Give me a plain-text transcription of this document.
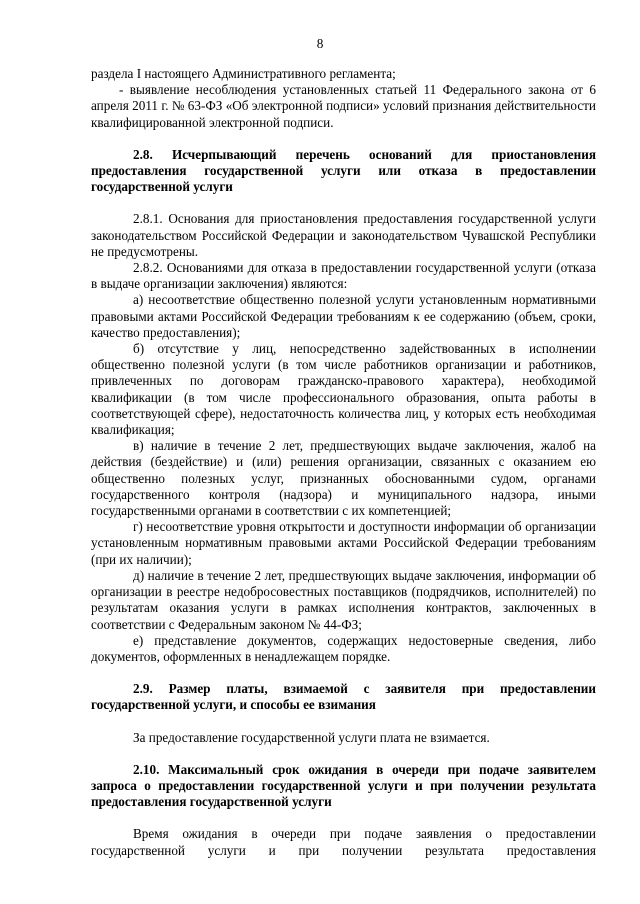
8

раздела I настоящего Административного регламента;

- выявление несоблюдения установленных статьей 11 Федерального закона от 6 апреля 2011 г. № 63-ФЗ «Об электронной подписи» условий признания действительности квалифицированной электронной подписи.

2.8. Исчерпывающий перечень оснований для приостановления предоставления государственной услуги или отказа в предоставлении государственной услуги

2.8.1. Основания для приостановления предоставления государственной услуги законодательством Российской Федерации и законодательством Чувашской Республики не предусмотрены.

2.8.2. Основаниями для отказа в предоставлении государственной услуги (отказа в выдаче организации заключения) являются:

а) несоответствие общественно полезной услуги установленным нормативными правовыми актами Российской Федерации требованиям к ее содержанию (объем, сроки, качество предоставления);

б) отсутствие у лиц, непосредственно задействованных в исполнении общественно полезной услуги (в том числе работников организации и работников, привлеченных по договорам гражданско-правового характера), необходимой квалификации (в том числе профессионального образования, опыта работы в соответствующей сфере), недостаточность количества лиц, у которых есть необходимая квалификация;

в) наличие в течение 2 лет, предшествующих выдаче заключения, жалоб на действия (бездействие) и (или) решения организации, связанных с оказанием ею общественно полезных услуг, признанных обоснованными судом, органами государственного контроля (надзора) и муниципального надзора, иными государственными органами в соответствии с их компетенцией;

г) несоответствие уровня открытости и доступности информации об организации установленным нормативным правовыми актами Российской Федерации требованиям (при их наличии);

д) наличие в течение 2 лет, предшествующих выдаче заключения, информации об организации в реестре недобросовестных поставщиков (подрядчиков, исполнителей) по результатам оказания услуги в рамках исполнения контрактов, заключенных в соответствии с Федеральным законом № 44-ФЗ;

е) представление документов, содержащих недостоверные сведения, либо документов, оформленных в ненадлежащем порядке.

2.9. Размер платы, взимаемой с заявителя при предоставлении государственной услуги, и способы ее взимания

За предоставление государственной услуги плата не взимается.

2.10. Максимальный срок ожидания в очереди при подаче заявителем запроса о предоставлении государственной услуги и при получении результата предоставления государственной услуги

Время ожидания в очереди при подаче заявления о предоставлении государственной услуги и при получении результата предоставления
